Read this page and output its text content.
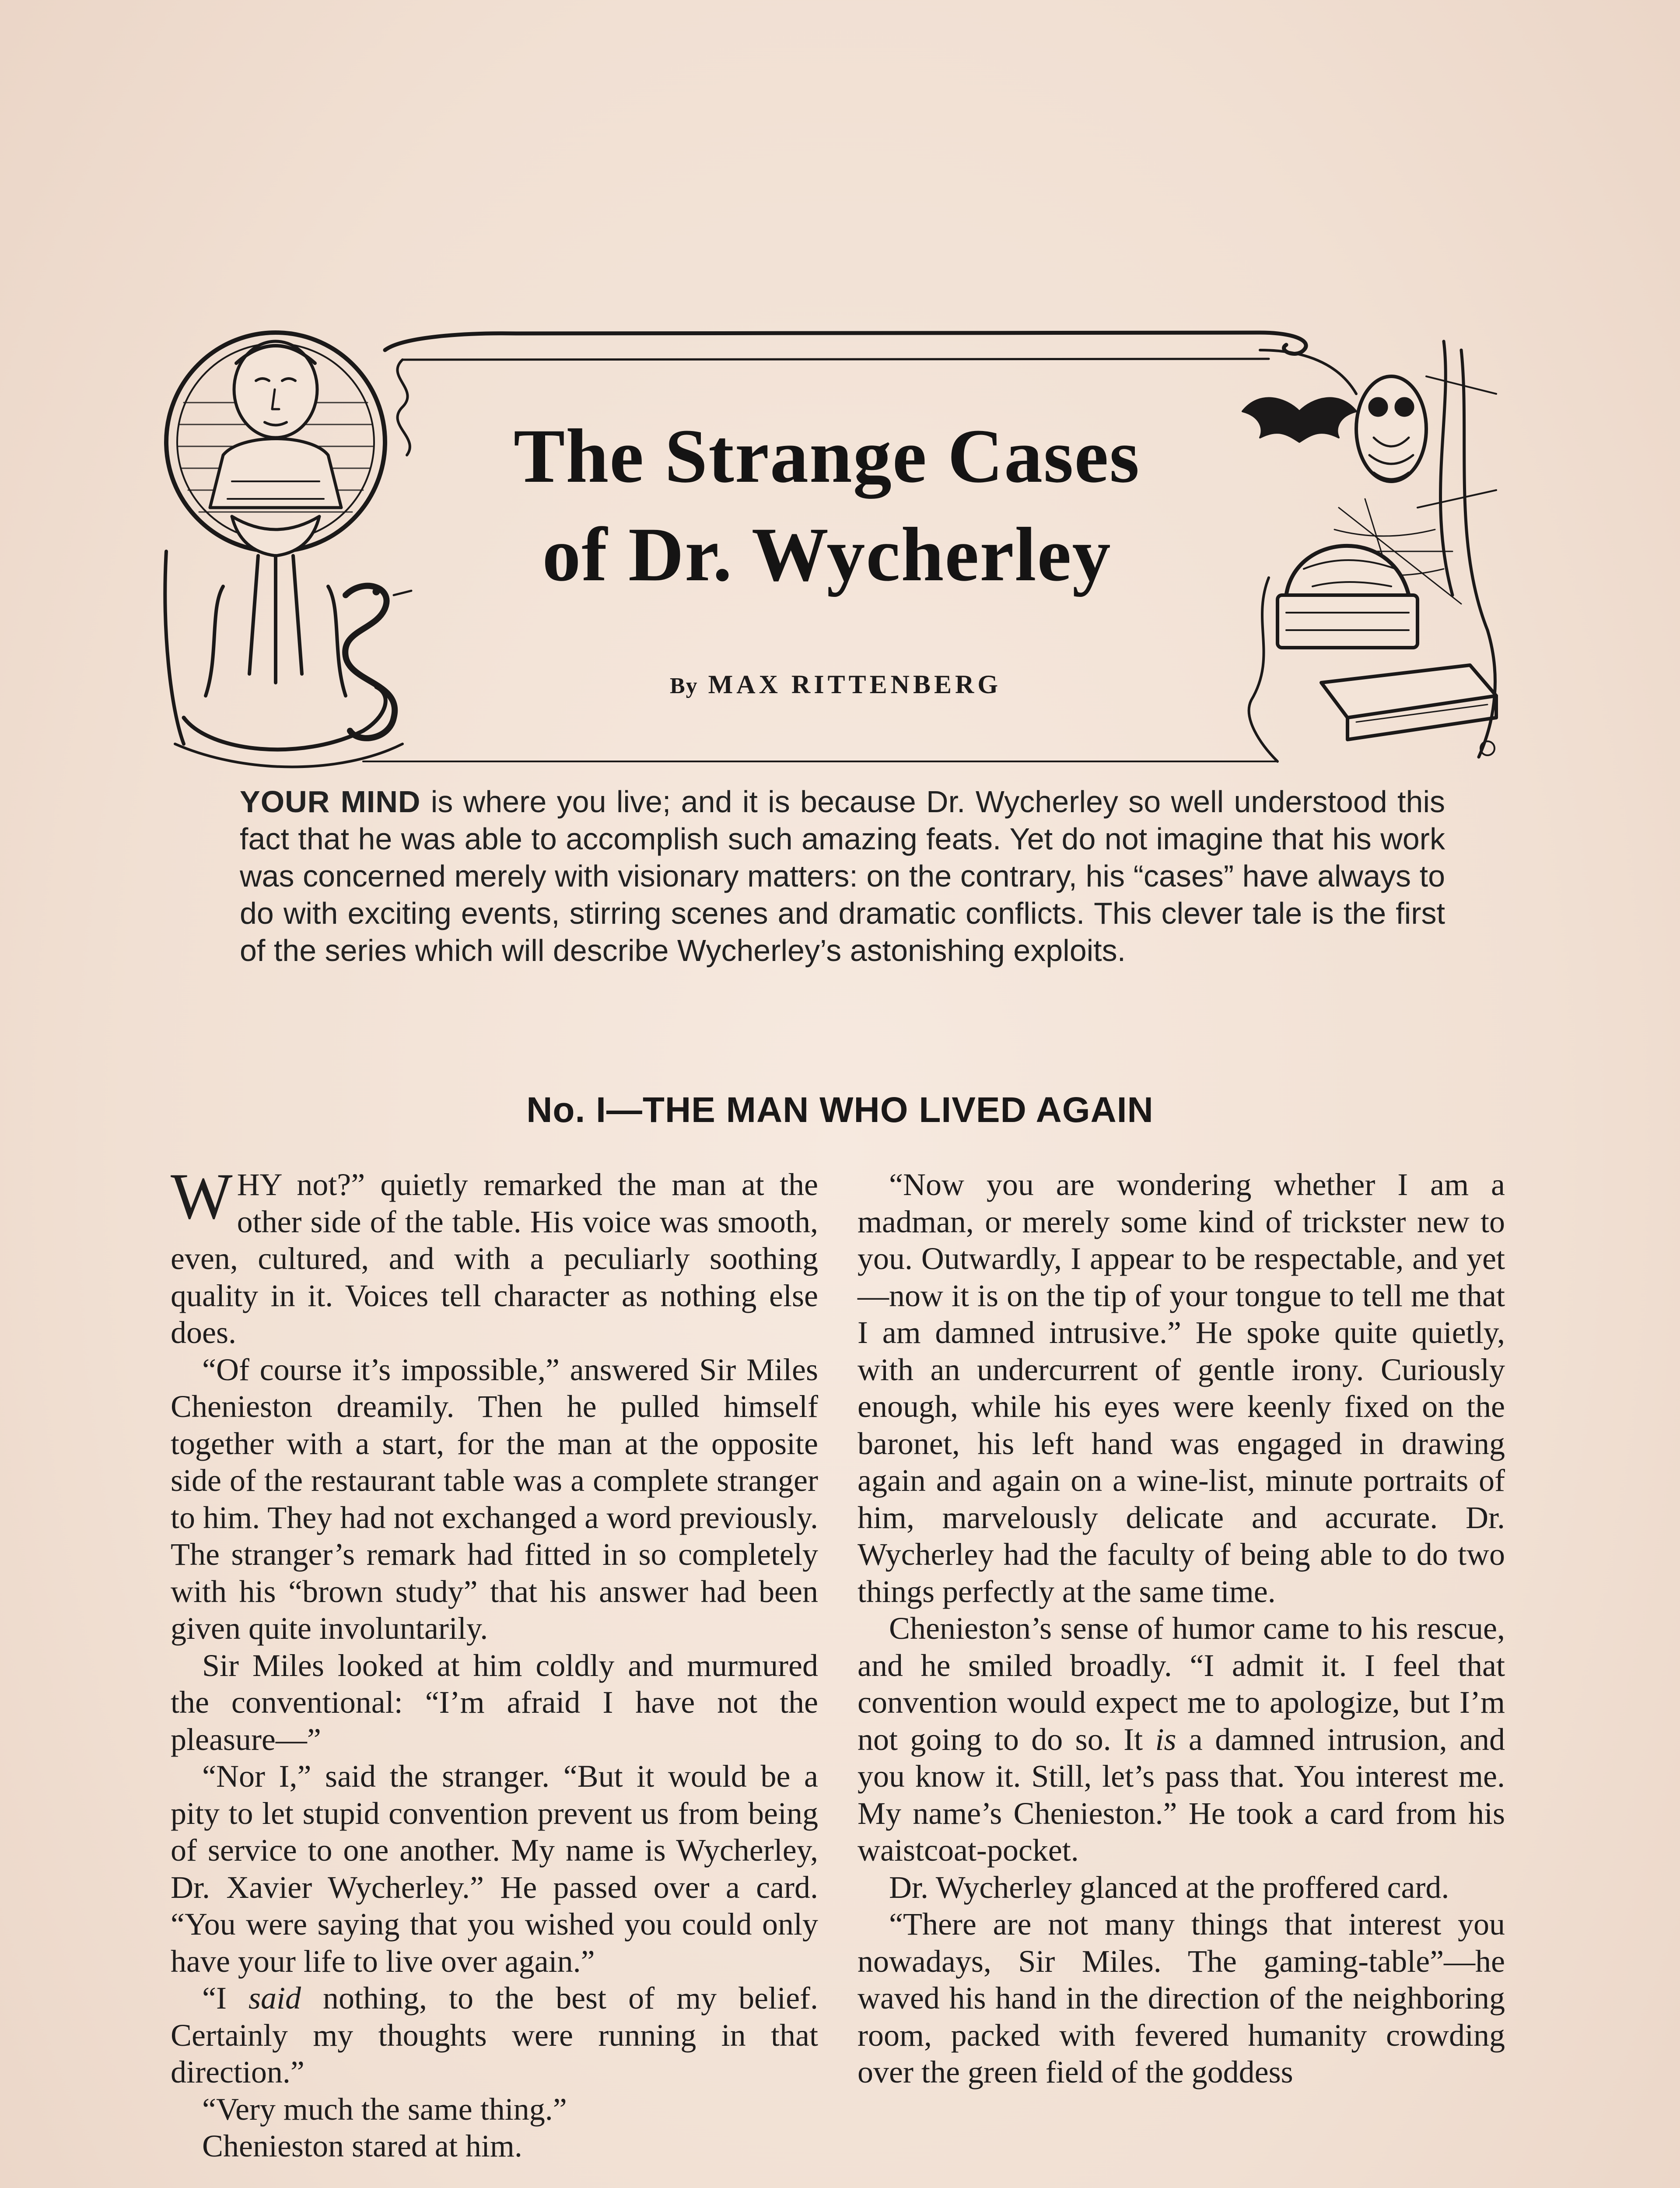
The Strange Cases
of Dr. Wycherley

By MAX RITTENBERG

YOUR MIND is where you live; and it is because Dr. Wycherley so well understood this fact that he was able to accomplish such amazing feats. Yet do not imagine that his work was concerned merely with visionary matters: on the contrary, his “cases” have always to do with exciting events, stirring scenes and dramatic conflicts. This clever tale is the first of the series which will describe Wycherley’s astonishing exploits.

No. I—THE MAN WHO LIVED AGAIN

WHY not?” quietly remarked the man at the other side of the table. His voice was smooth, even, cultured, and with a peculiarly soothing quality in it. Voices tell character as nothing else does.

“Of course it’s impossible,” answered Sir Miles Chenieston dreamily. Then he pulled himself together with a start, for the man at the opposite side of the restaurant table was a complete stranger to him. They had not exchanged a word previously. The stranger’s remark had fitted in so completely with his “brown study” that his answer had been given quite involuntarily.

Sir Miles looked at him coldly and murmured the conventional: “I’m afraid I have not the pleasure—”

“Nor I,” said the stranger. “But it would be a pity to let stupid convention prevent us from being of service to one another. My name is Wycherley, Dr. Xavier Wycherley.” He passed over a card. “You were saying that you wished you could only have your life to live over again.”

“I said nothing, to the best of my belief. Certainly my thoughts were running in that direction.”

“Very much the same thing.”

Chenieston stared at him.

“Now you are wondering whether I am a madman, or merely some kind of trickster new to you. Outwardly, I appear to be respectable, and yet—now it is on the tip of your tongue to tell me that I am damned intrusive.” He spoke quite quietly, with an undercurrent of gentle irony. Curiously enough, while his eyes were keenly fixed on the baronet, his left hand was engaged in drawing again and again on a wine-list, minute portraits of him, marvelously delicate and accurate. Dr. Wycherley had the faculty of being able to do two things perfectly at the same time.

Chenieston’s sense of humor came to his rescue, and he smiled broadly. “I admit it. I feel that convention would expect me to apologize, but I’m not going to do so. It is a damned intrusion, and you know it. Still, let’s pass that. You interest me. My name’s Chenieston.” He took a card from his waistcoat-pocket.

Dr. Wycherley glanced at the proffered card.

“There are not many things that interest you nowadays, Sir Miles. The gaming-table”—he waved his hand in the direction of the neighboring room, packed with fevered humanity crowding over the green field of the goddess
